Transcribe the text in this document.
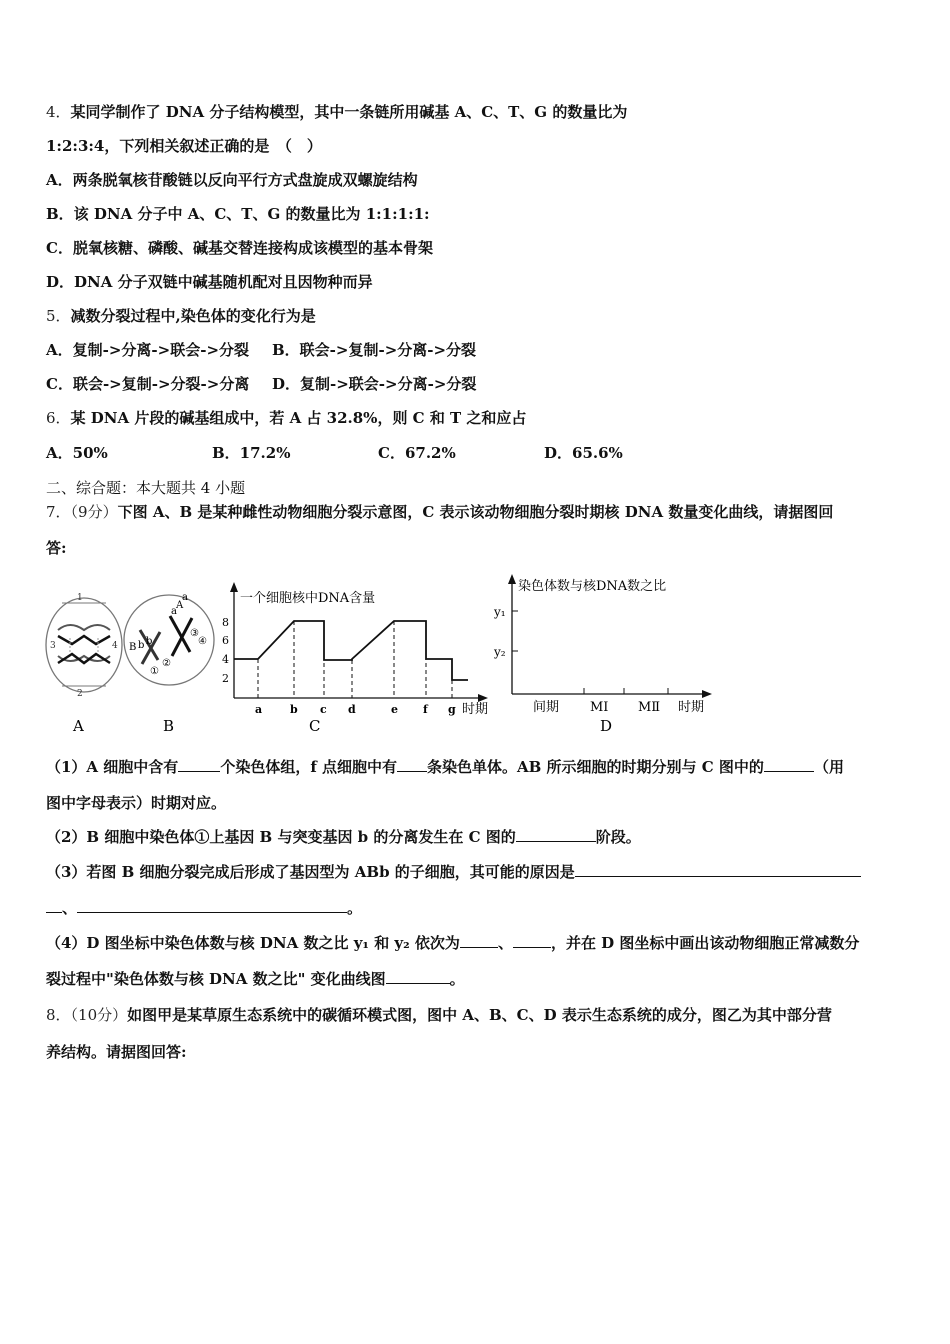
4．某同学制作了 DNA 分子结构模型，其中一条链所用碱基 A、C、T、G 的数量比为
1:2:3:4，下列相关叙述正确的是　（　）
A．两条脱氧核苷酸链以反向平行方式盘旋成双螺旋结构
B．该 DNA 分子中 A、C、T、G 的数量比为 1:1:1:1:
C．脱氧核糖、磷酸、碱基交替连接构成该模型的基本骨架
D．DNA 分子双链中碱基随机配对且因物种而异
5．减数分裂过程中,染色体的变化行为是
A．复制->分离->联会->分裂 B．联会->复制->分离->分裂
C．联会->复制->分裂->分离 D．复制->联会->分离->分裂
6．某 DNA 片段的碱基组成中，若 A 占 32.8%，则 C 和 T 之和应占
A．50%	B．17.2%	C．67.2%	D．65.6%
二、综合题：本大题共 4 小题
7．（9分）下图 A、B 是某种雌性动物细胞分裂示意图，C 表示该动物细胞分裂时期核 DNA 数量变化曲线，请据图回
答:
1
2
3	4
A
A
a
B b b
a
①
②
③
④
B
一个细胞核中DNA含量
8
6
4
2
a	b c d	e f g 时期
C
染色体数与核DNA数之比
y₁
y₂
间期 MⅠ MⅡ 时期
D
（1）A 细胞中含有	个染色体组，f 点细胞中有 条染色单体。AB 所示细胞的时期分别与 C 图中的	（用
图中字母表示）时期对应。
（2）B 细胞中染色体①上基因 B 与突变基因 b 的分离发生在 C 图的	阶段。
（3）若图 B 细胞分裂完成后形成了基因型为 ABb 的子细胞，其可能的原因是
、	。
（4）D 图坐标中染色体数与核 DNA 数之比 y₁ 和 y₂ 依次为	、	，并在 D 图坐标中画出该动物细胞正常减数分
裂过程中"染色体数与核 DNA 数之比" 变化曲线图	。
8．（10分）如图甲是某草原生态系统中的碳循环模式图，图中 A、B、C、D 表示生态系统的成分，图乙为其中部分营
养结构。请据图回答:
